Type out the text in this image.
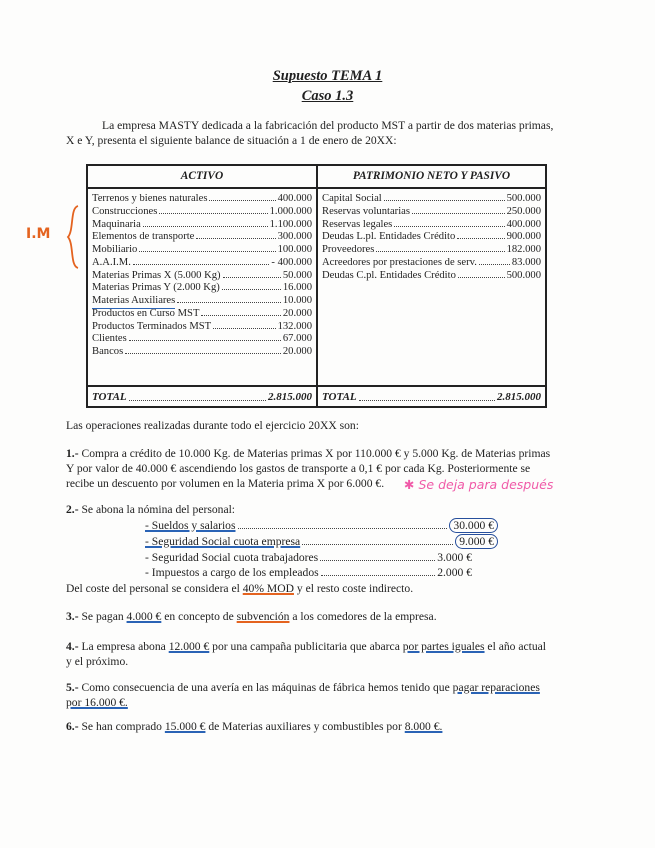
Supuesto TEMA 1
Caso 1.3
La empresa MASTY dedicada a la fabricación del producto MST a partir de dos materias primas,
X e Y, presenta el siguiente balance de situación a 1 de enero de 20XX:
I.M
ACTIVO
Terrenos y bienes naturales	400.000
Construcciones	1.000.000
Maquinaria	1.100.000
Elementos de transporte	300.000
Mobiliario	100.000
A.A.I.M.	- 400.000
Materias Primas X (5.000 Kg)	50.000
Materias Primas Y (2.000 Kg)	16.000
Materias Auxiliares	10.000
Productos en Curso MST	20.000
Productos Terminados MST	132.000
Clientes	67.000
Bancos	20.000
TOTAL	2.815.000
PATRIMONIO NETO Y PASIVO
Capital Social	500.000
Reservas voluntarias	250.000
Reservas legales	400.000
Deudas L.pl. Entidades Crédito	900.000
Proveedores	182.000
Acreedores por prestaciones de serv.	83.000
Deudas C.pl. Entidades Crédito	500.000
TOTAL	2.815.000
Las operaciones realizadas durante todo el ejercicio 20XX son:
1.- Compra a crédito de 10.000 Kg. de Materias primas X por 110.000 € y 5.000 Kg. de Materias primas
Y por valor de 40.000 € ascendiendo los gastos de transporte a 0,1 € por cada Kg. Posteriormente se
recibe un descuento por volumen en la Materia prima X por 6.000 €.	✱ Se deja para después
2.- Se abona la nómina del personal:
- Sueldos y salarios	30.000 €
- Seguridad Social cuota empresa	9.000 €
- Seguridad Social cuota trabajadores	3.000 €
- Impuestos a cargo de los empleados	2.000 €
Del coste del personal se considera el 40% MOD y el resto coste indirecto.
3.- Se pagan 4.000 € en concepto de subvención a los comedores de la empresa.
4.- La empresa abona 12.000 € por una campaña publicitaria que abarca por partes iguales el año actual
y el próximo.
5.- Como consecuencia de una avería en las máquinas de fábrica hemos tenido que pagar reparaciones
por 16.000 €.
6.- Se han comprado 15.000 € de Materias auxiliares y combustibles por 8.000 €.
